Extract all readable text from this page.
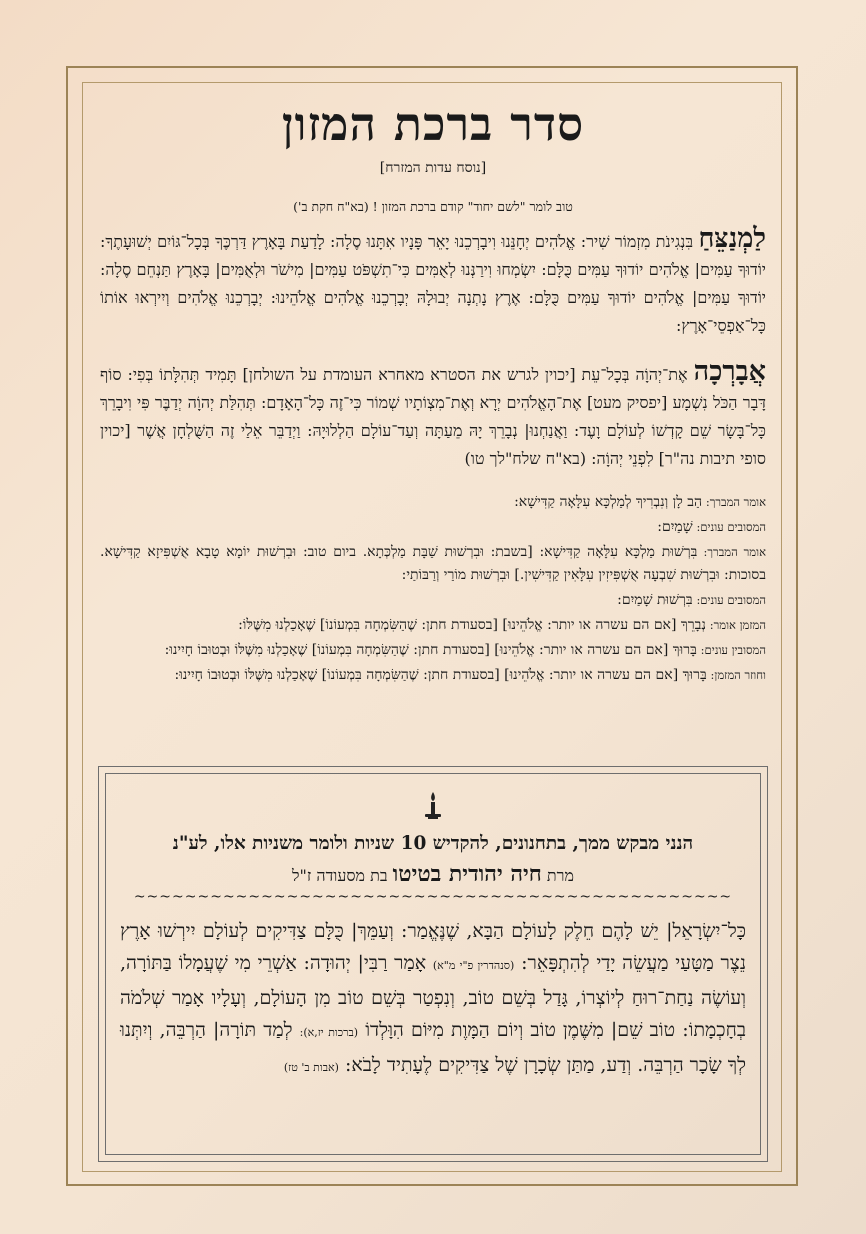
סדר ברכת המזון
[נוסח עדות המזרח]
טוב לומר "לשם יחוד" קודם ברכת המזון ! (בא"ח חקת ב')
לַמְנַצֵּחַ בִּנְגִינֹת מִזְמוֹר שִׁיר: אֱלֹהִים יְחָנֵּנוּ וִיבָרְכֵנוּ יָאֵר פָּנָיו אִתָּנוּ סֶלָה: לָדַעַת בָּאָרֶץ דַּרְכֶּךָ בְּכָל־גּוֹיִם יְשׁוּעָתֶךָ: יוֹדוּךָ עַמִּים| אֱלֹהִים יוֹדוּךָ עַמִּים כֻּלָּם: יִשְׂמְחוּ וִירַנְּנוּ לְאֻמִּים כִּי־תִשְׁפֹּט עַמִּים| מִישֹׁר וּלְאֻמִּים| בָּאָרֶץ תַּנְחֵם סֶלָה: יוֹדוּךָ עַמִּים| אֱלֹהִים יוֹדוּךָ עַמִּים כֻּלָּם: אֶרֶץ נָתְנָה יְבוּלָהּ יְבָרְכֵנוּ אֱלֹהִים אֱלֹהֵינוּ: יְבָרְכֵנוּ אֱלֹהִים וְיִירְאוּ אוֹתוֹ כָּל־אַפְסֵי־אָרֶץ:
אֲבָרְכָה אֶת־יְהוָֹה בְּכָל־עֵת [יכוין לגרש את הסטרא מאחרא העומדת על השולחן] תָּמִיד תְּהִלָּתוֹ בְּפִי: סוֹף דָּבָר הַכֹּל נִשְׁמָע [יפסיק מעט] אֶת־הָאֱלֹהִים יְרָא וְאֶת־מִצְוֹתָיו שְׁמוֹר כִּי־זֶה כָּל־הָאָדָם: תְּהִלַּת יְהוָֹה יְדַבֶּר פִּי וִיבָרֵךְ כָּל־בָּשָׂר שֵׁם קָדְשׁוֹ לְעוֹלָם וָעֶד: וַאֲנַחְנוּ| נְבָרֵךְ יָהּ מֵעַתָּה וְעַד־עוֹלָם הַלְלוּיָהּ: וַיְדַבֵּר אֵלַי זֶה הַשֻּׁלְחָן אֲשֶׁר [יכוין סופי תיבות נה"ר] לִפְנֵי יְהוָֹה: (בא"ח שלח"לך טו)
אומר המברך: הַב לָן וְנִבְרִיךְ לְמַלְכָּא עִלָּאָה קַדִּישָׁא:
המסובים עונים: שָׁמַיִם:
אומר המברך: בִּרְשׁוּת מַלְכָּא עִלָּאָה קַדִּישָׁא: [בשבת: וּבִרְשׁוּת שַׁבָּת מַלְכְּתָא. ביום טוב: וּבִרְשׁוּת יוֹמָא טָבָא אֻשְׁפִּיזָא קַדִּישָׁא. בסוכות: וּבִרְשׁוּת שִׁבְעָה אֻשְׁפִּיזִין עִלָּאִין קַדִּישִׁין.] וּבִרְשׁוּת מוֹרַי וְרַבּוֹתַי:
המסובים עונים: בִּרְשׁוּת שָׁמַיִם:
המזמן אומר: נְבָרֵךְ [אם הם עשרה או יותר: אֱלֹהֵינוּ] [בסעודת חתן: שֶׁהַשִּׂמְחָה בִּמְעוֹנוֹ] שֶׁאָכַלְנוּ מִשֶּׁלּוֹ:
המסובין עונים: בָּרוּךְ [אם הם עשרה או יותר: אֱלֹהֵינוּ] [בסעודת חתן: שֶׁהַשִּׂמְחָה בִּמְעוֹנוֹ] שֶׁאָכַלְנוּ מִשֶּׁלּוֹ וּבְטוּבוֹ חָיִינוּ:
וחוזר המזמן: בָּרוּךְ [אם הם עשרה או יותר: אֱלֹהֵינוּ] [בסעודת חתן: שֶׁהַשִּׂמְחָה בִּמְעוֹנוֹ] שֶׁאָכַלְנוּ מִשֶּׁלּוֹ וּבְטוּבוֹ חָיִינוּ:
הנני מבקש ממך, בתחנונים, להקדיש 10 שניות ולומר משניות אלו, לע"נ
מרת חיה יהודית בטיטו בת מסעודה ז"ל
~~~~~~~~~~~~~~~~~~~~~~~~~~~~~~~~~~~~~~~~~~~~~~~
כָּל־יִשְׂרָאֵל| יֵשׁ לָהֶם חֵלֶק לָעוֹלָם הַבָּא, שֶׁנֶּאֱמַר: וְעַמֵּךְ| כֻּלָּם צַדִּיקִים לְעוֹלָם יִירְשׁוּ אָרֶץ נֵצֶר מַטָּעַי מַעֲשֵׂה יָדַי לְהִתְפָּאֵר: (סנהדרין פ"י מ"א) אָמַר רַבִּי| יְהוּדָה: אַשְׁרֵי מִי שֶׁעֲמָלוֹ בַּתּוֹרָה, וְעוֹשֶׂה נַחַת־רוּחַ לְיוֹצְרוֹ, גָּדַל בְּשֵׁם טוֹב, וְנִפְטַר בְּשֵׁם טוֹב מִן הָעוֹלָם, וְעָלָיו אָמַר שְׁלֹמֹה בְחָכְמָתוֹ: טוֹב שֵׁם| מִשֶּׁמֶן טוֹב וְיוֹם הַמָּוֶת מִיּוֹם הִוָּלְדוֹ (ברכות יז,א): לְמַד תּוֹרָה| הַרְבֵּה, וְיִתְּנוּ לְךָ שָׂכָר הַרְבֵּה. וְדַע, מַתַּן שְׂכָרָן שֶׁל צַדִּיקִים לֶעָתִיד לָבֹא: (אבות ב' טז)
